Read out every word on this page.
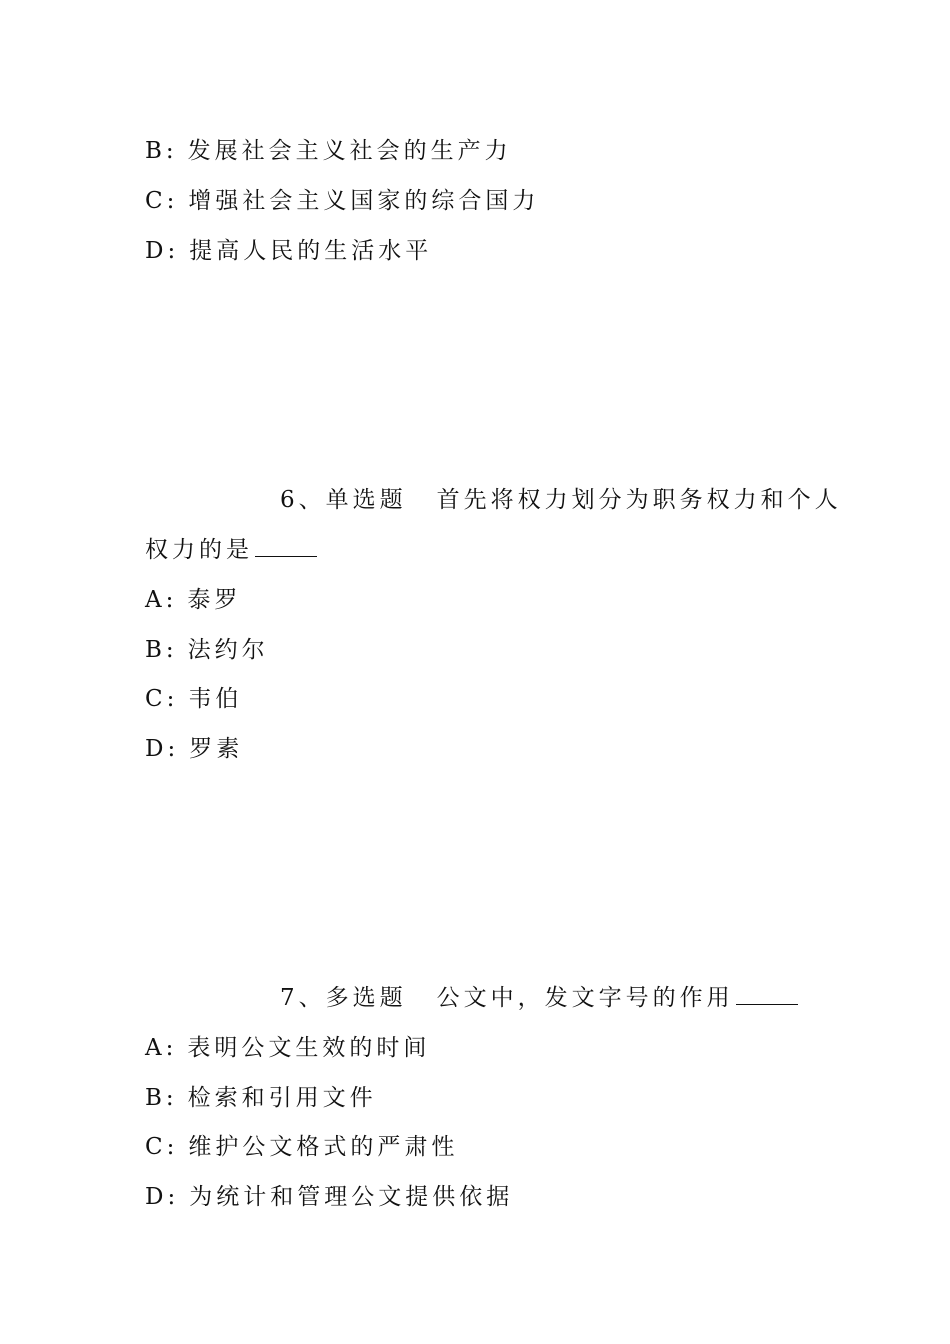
B: 发展社会主义社会的生产力
C: 增强社会主义国家的综合国力
D: 提高人民的生活水平
6、单选题 首先将权力划分为职务权力和个人
权力的是
A: 泰罗
B: 法约尔
C: 韦伯
D: 罗素
7、多选题 公文中，发文字号的作用
A: 表明公文生效的时间
B: 检索和引用文件
C: 维护公文格式的严肃性
D: 为统计和管理公文提供依据
